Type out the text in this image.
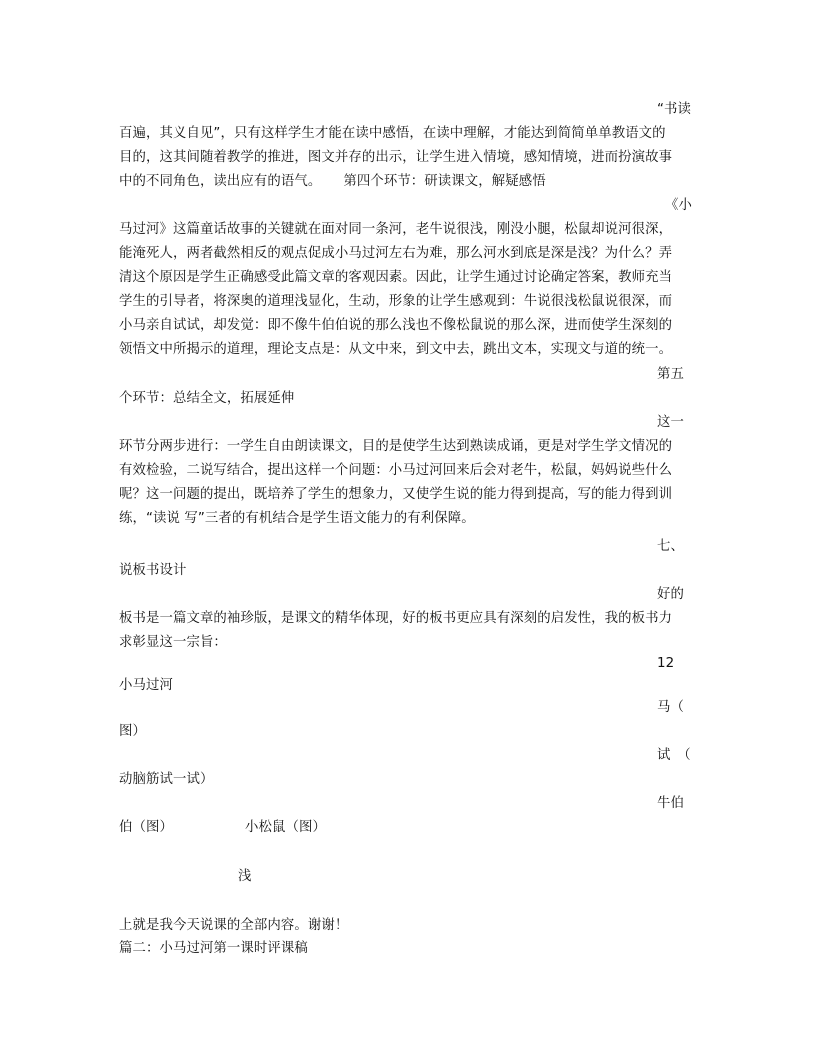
“书读
百遍，其义自见”，只有这样学生才能在读中感悟，在读中理解，才能达到简简单单教语文的
目的，这其间随着教学的推进，图文并存的出示，让学生进入情境，感知情境，进而扮演故事
中的不同角色，读出应有的语气。 第四个环节：研读课文，解疑感悟
《小
马过河》这篇童话故事的关键就在面对同一条河，老牛说很浅，刚没小腿，松鼠却说河很深，
能淹死人，两者截然相反的观点促成小马过河左右为难，那么河水到底是深是浅？为什么？弄
清这个原因是学生正确感受此篇文章的客观因素。因此，让学生通过讨论确定答案，教师充当
学生的引导者，将深奥的道理浅显化，生动，形象的让学生感观到：牛说很浅松鼠说很深，而
小马亲自试试，却发觉：即不像牛伯伯说的那么浅也不像松鼠说的那么深，进而使学生深刻的
领悟文中所揭示的道理，理论支点是：从文中来，到文中去，跳出文本，实现文与道的统一。
第五
个环节：总结全文，拓展延伸
这一
环节分两步进行：一学生自由朗读课文，目的是使学生达到熟读成诵，更是对学生学文情况的
有效检验，二说写结合，提出这样一个问题：小马过河回来后会对老牛，松鼠，妈妈说些什么
呢？这一问题的提出，既培养了学生的想象力，又使学生说的能力得到提高，写的能力得到训
练，“读说 写”三者的有机结合是学生语文能力的有利保障。
七、
说板书设计
好的
板书是一篇文章的袖珍版，是课文的精华体现，好的板书更应具有深刻的启发性，我的板书力
求彰显这一宗旨：
12
小马过河
马（
图）
试　（
动脑筋试一试）
牛伯
伯（图）	小松鼠（图）
浅
上就是我今天说课的全部内容。谢谢！
篇二：小马过河第一课时评课稿
